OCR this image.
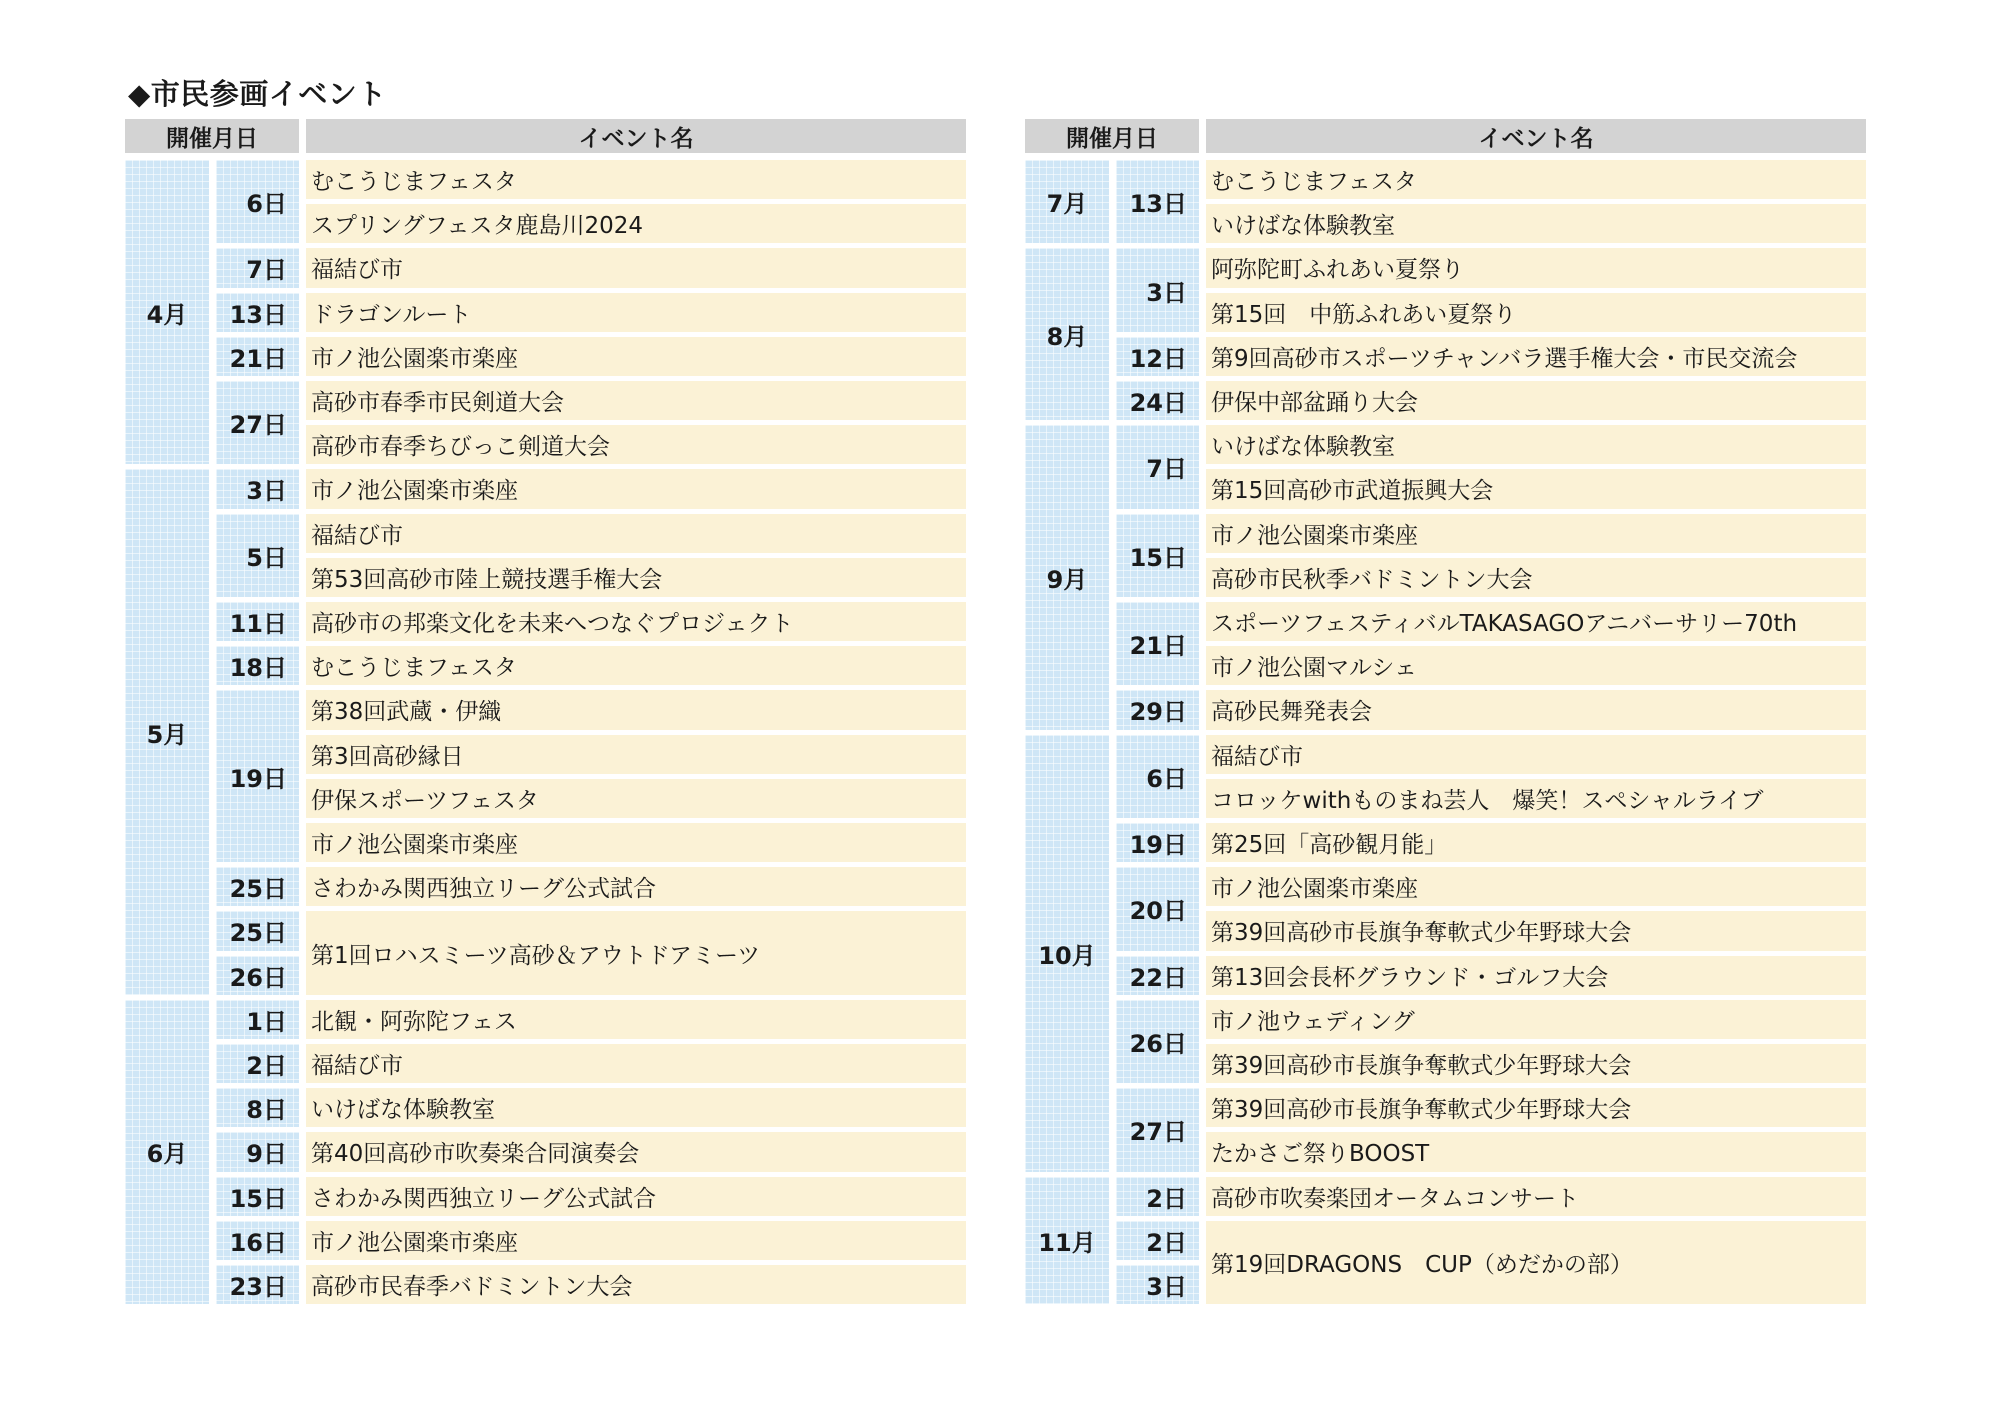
◆市民参画イベント
開催月日	イベント名
4月
5月
6月
6日
7日
13日
21日
27日
3日
5日
11日
18日
19日
25日
25日
26日
1日
2日
8日
9日
15日
16日
23日
むこうじまフェスタ
スプリングフェスタ鹿島川2024
福結び市
ドラゴンルート
市ノ池公園楽市楽座
高砂市春季市民剣道大会
高砂市春季ちびっこ剣道大会
市ノ池公園楽市楽座
福結び市
第53回高砂市陸上競技選手権大会
高砂市の邦楽文化を未来へつなぐプロジェクト
むこうじまフェスタ
第38回武蔵・伊織
第3回高砂縁日
伊保スポーツフェスタ
市ノ池公園楽市楽座
さわかみ関西独立リーグ公式試合
第1回ロハスミーツ高砂＆アウトドアミーツ
北観・阿弥陀フェス
福結び市
いけばな体験教室
第40回高砂市吹奏楽合同演奏会
さわかみ関西独立リーグ公式試合
市ノ池公園楽市楽座
高砂市民春季バドミントン大会
開催月日	イベント名
7月
8月
9月
10月
11月
13日
3日
12日
24日
7日
15日
21日
29日
6日
19日
20日
22日
26日
27日
2日
2日
3日
むこうじまフェスタ
いけばな体験教室
阿弥陀町ふれあい夏祭り
第15回　中筋ふれあい夏祭り
第9回高砂市スポーツチャンバラ選手権大会・市民交流会
伊保中部盆踊り大会
いけばな体験教室
第15回高砂市武道振興大会
市ノ池公園楽市楽座
高砂市民秋季バドミントン大会
スポーツフェスティバルTAKASAGOアニバーサリー70th
市ノ池公園マルシェ
高砂民舞発表会
福結び市
コロッケwithものまね芸人　爆笑！スペシャルライブ
第25回「高砂観月能」
市ノ池公園楽市楽座
第39回高砂市長旗争奪軟式少年野球大会
第13回会長杯グラウンド・ゴルフ大会
市ノ池ウェディング
第39回高砂市長旗争奪軟式少年野球大会
第39回高砂市長旗争奪軟式少年野球大会
たかさご祭りBOOST
高砂市吹奏楽団オータムコンサート
第19回DRAGONS　CUP（めだかの部）
